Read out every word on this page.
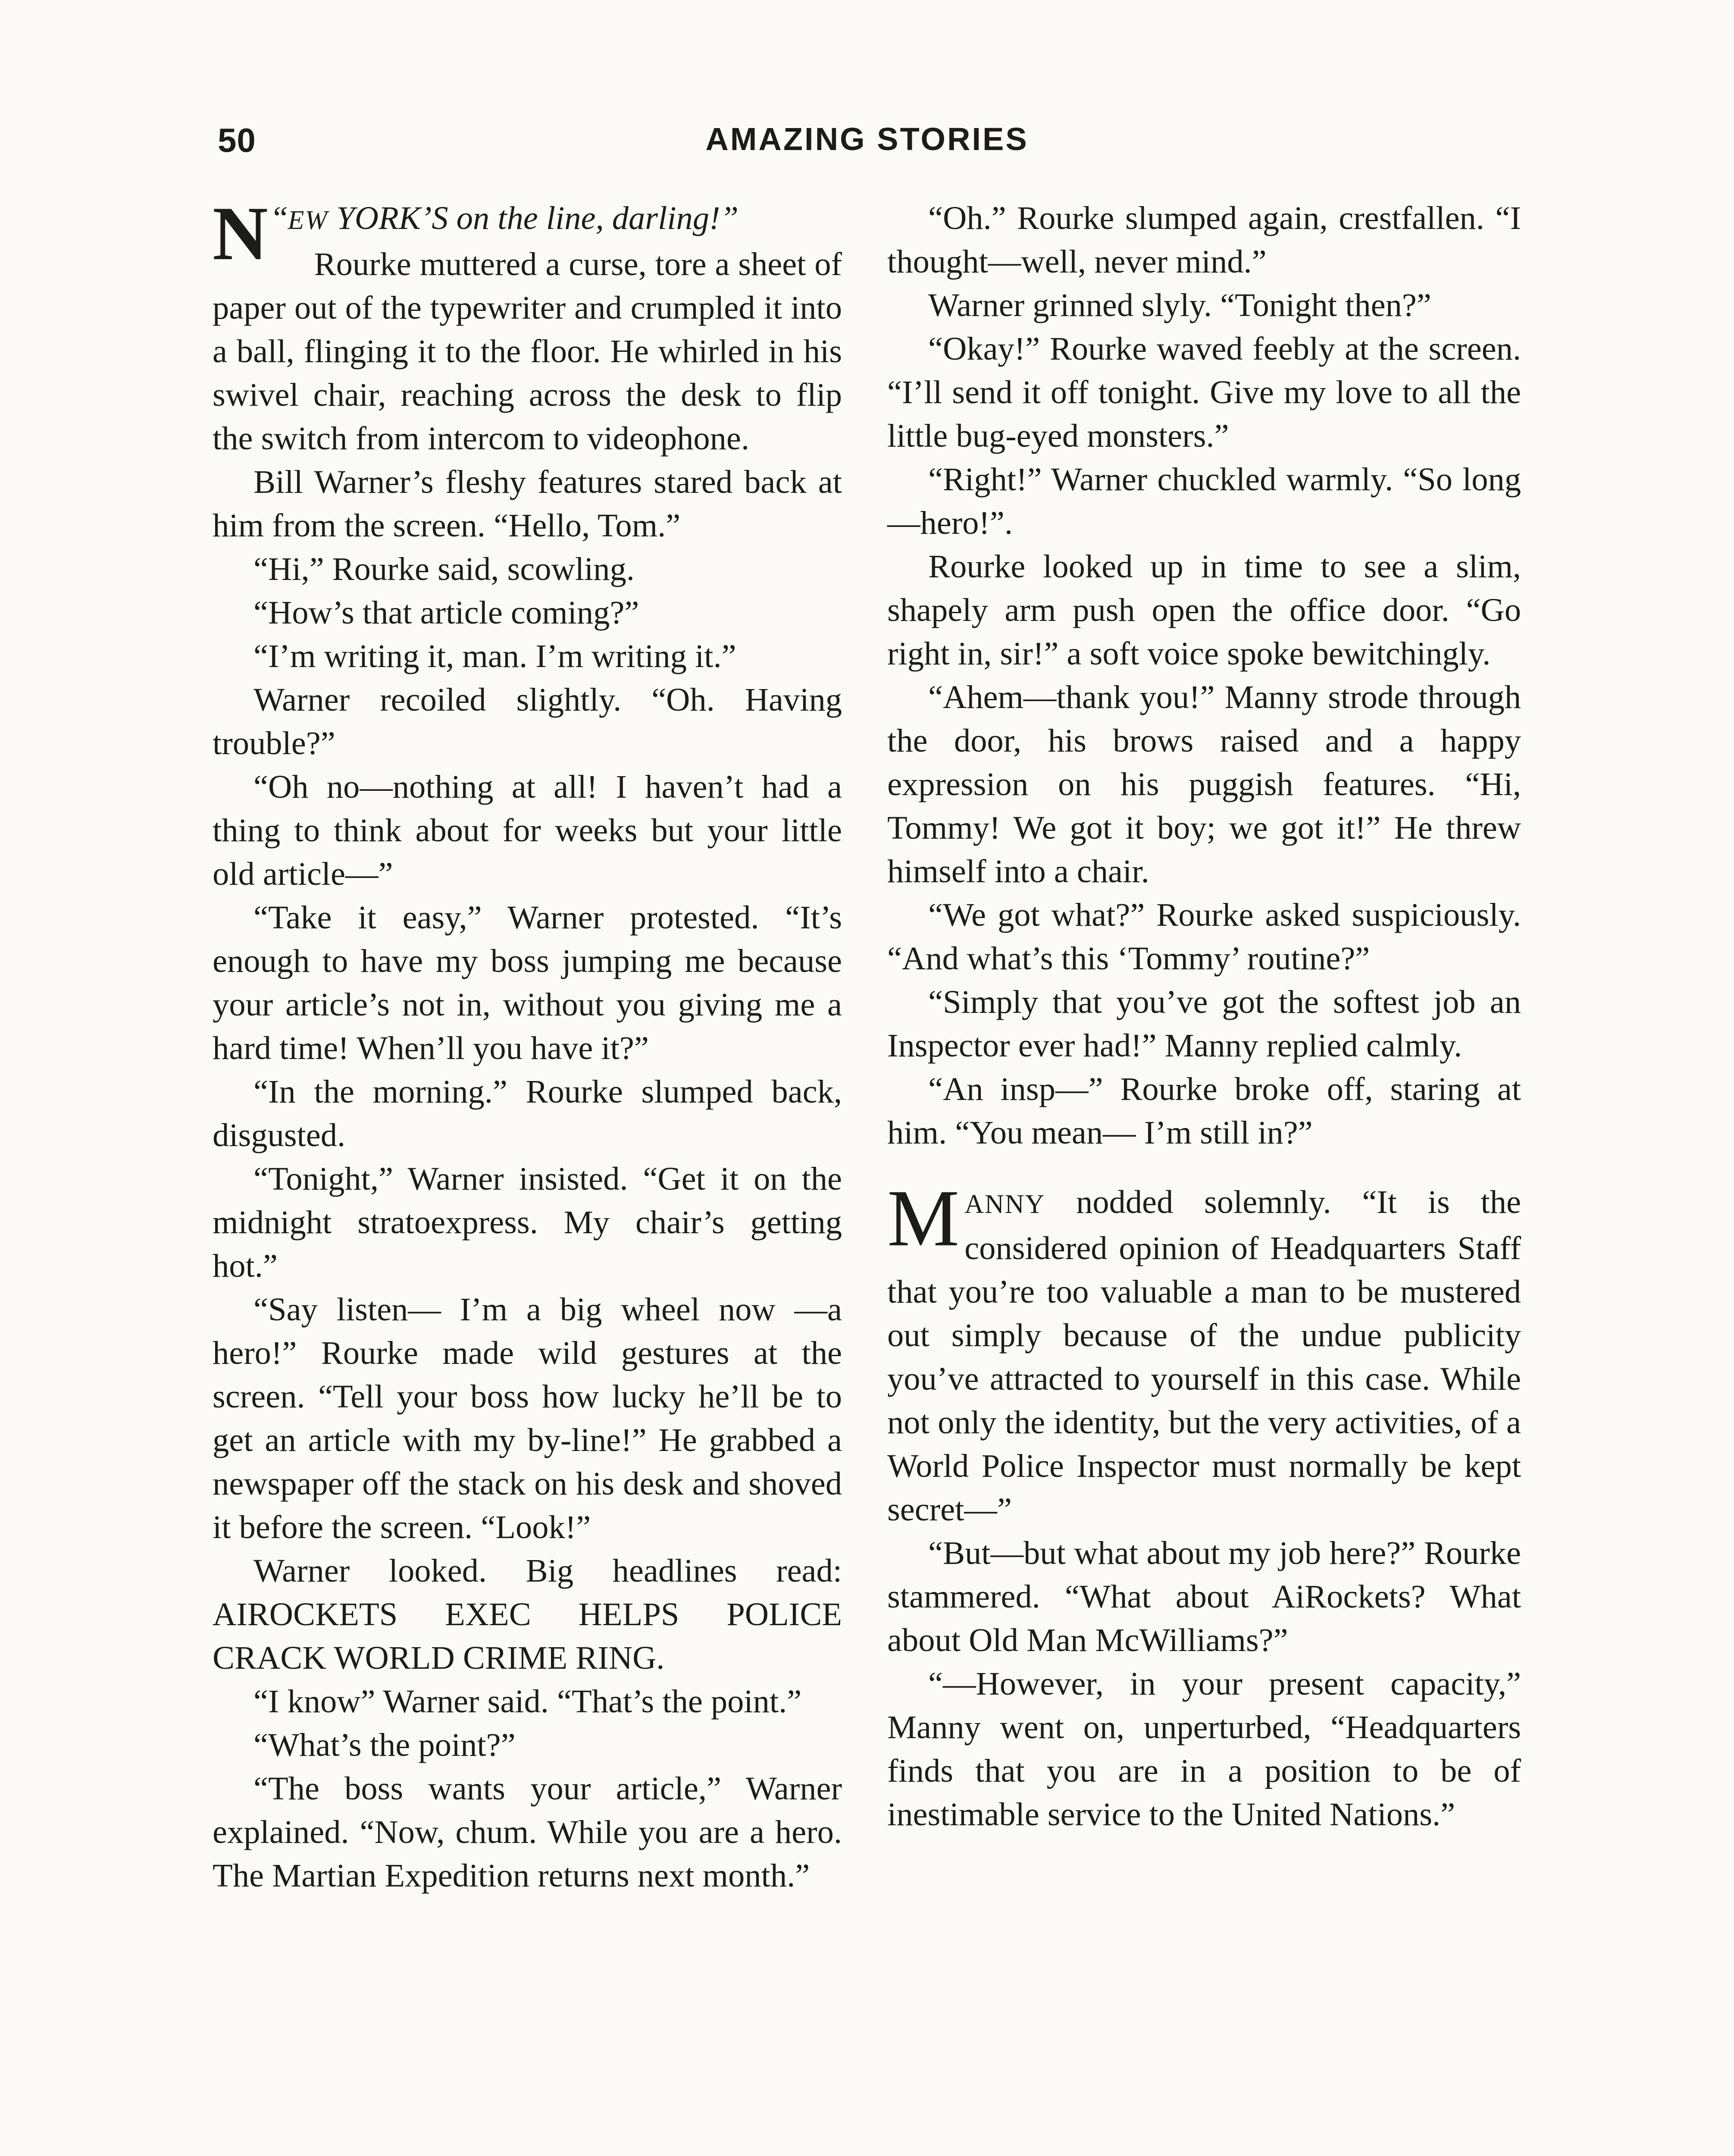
50	AMAZING STORIES

“
N EW YORK’S on the line, darling!”

Rourke muttered a curse, tore a sheet of paper out of the typewriter and crumpled it into a ball, flinging it to the floor. He whirled in his swivel chair, reaching across the desk to flip the switch from intercom to videophone.

Bill Warner’s fleshy features stared back at him from the screen. “Hello, Tom.”

“Hi,” Rourke said, scowling.

“How’s that article coming?”

“I’m writing it, man. I’m writing it.”

Warner recoiled slightly. “Oh. Having trouble?”

“Oh no—nothing at all! I haven’t had a thing to think about for weeks but your little old article—”

“Take it easy,” Warner protested. “It’s enough to have my boss jumping me because your article’s not in, without you giving me a hard time! When’ll you have it?”

“In the morning.” Rourke slumped back, disgusted.

“Tonight,” Warner insisted. “Get it on the midnight stratoexpress. My chair’s getting hot.”

“Say listen— I’m a big wheel now —a hero!” Rourke made wild gestures at the screen. “Tell your boss how lucky he’ll be to get an article with my by-line!” He grabbed a newspaper off the stack on his desk and shoved it before the screen. “Look!”

Warner looked. Big headlines read: AIROCKETS EXEC HELPS POLICE CRACK WORLD CRIME RING.

“I know” Warner said. “That’s the point.”

“What’s the point?”

“The boss wants your article,” Warner explained. “Now, chum. While you are a hero. The Martian Expedition returns next month.”

“Oh.” Rourke slumped again, crestfallen. “I thought—well, never mind.”

Warner grinned slyly. “Tonight then?”

“Okay!” Rourke waved feebly at the screen. “I’ll send it off tonight. Give my love to all the little bug-eyed monsters.”

“Right!” Warner chuckled warmly. “So long—hero!”.

Rourke looked up in time to see a slim, shapely arm push open the office door. “Go right in, sir!” a soft voice spoke bewitchingly.

“Ahem—thank you!” Manny strode through the door, his brows raised and a happy expression on his puggish features. “Hi, Tommy! We got it boy; we got it!” He threw himself into a chair.

“We got what?” Rourke asked suspiciously. “And what’s this ‘Tommy’ routine?”

“Simply that you’ve got the softest job an Inspector ever had!” Manny replied calmly.

“An insp—” Rourke broke off, staring at him. “You mean— I’m still in?”

MANNY nodded solemnly. “It is the considered opinion of Headquarters Staff that you’re too valuable a man to be mustered out simply because of the undue publicity you’ve attracted to yourself in this case. While not only the identity, but the very activities, of a World Police Inspector must normally be kept secret—”

“But—but what about my job here?” Rourke stammered. “What about AiRockets? What about Old Man McWilliams?”

“—However, in your present capacity,” Manny went on, unperturbed, “Headquarters finds that you are in a position to be of inestimable service to the United Nations.”
